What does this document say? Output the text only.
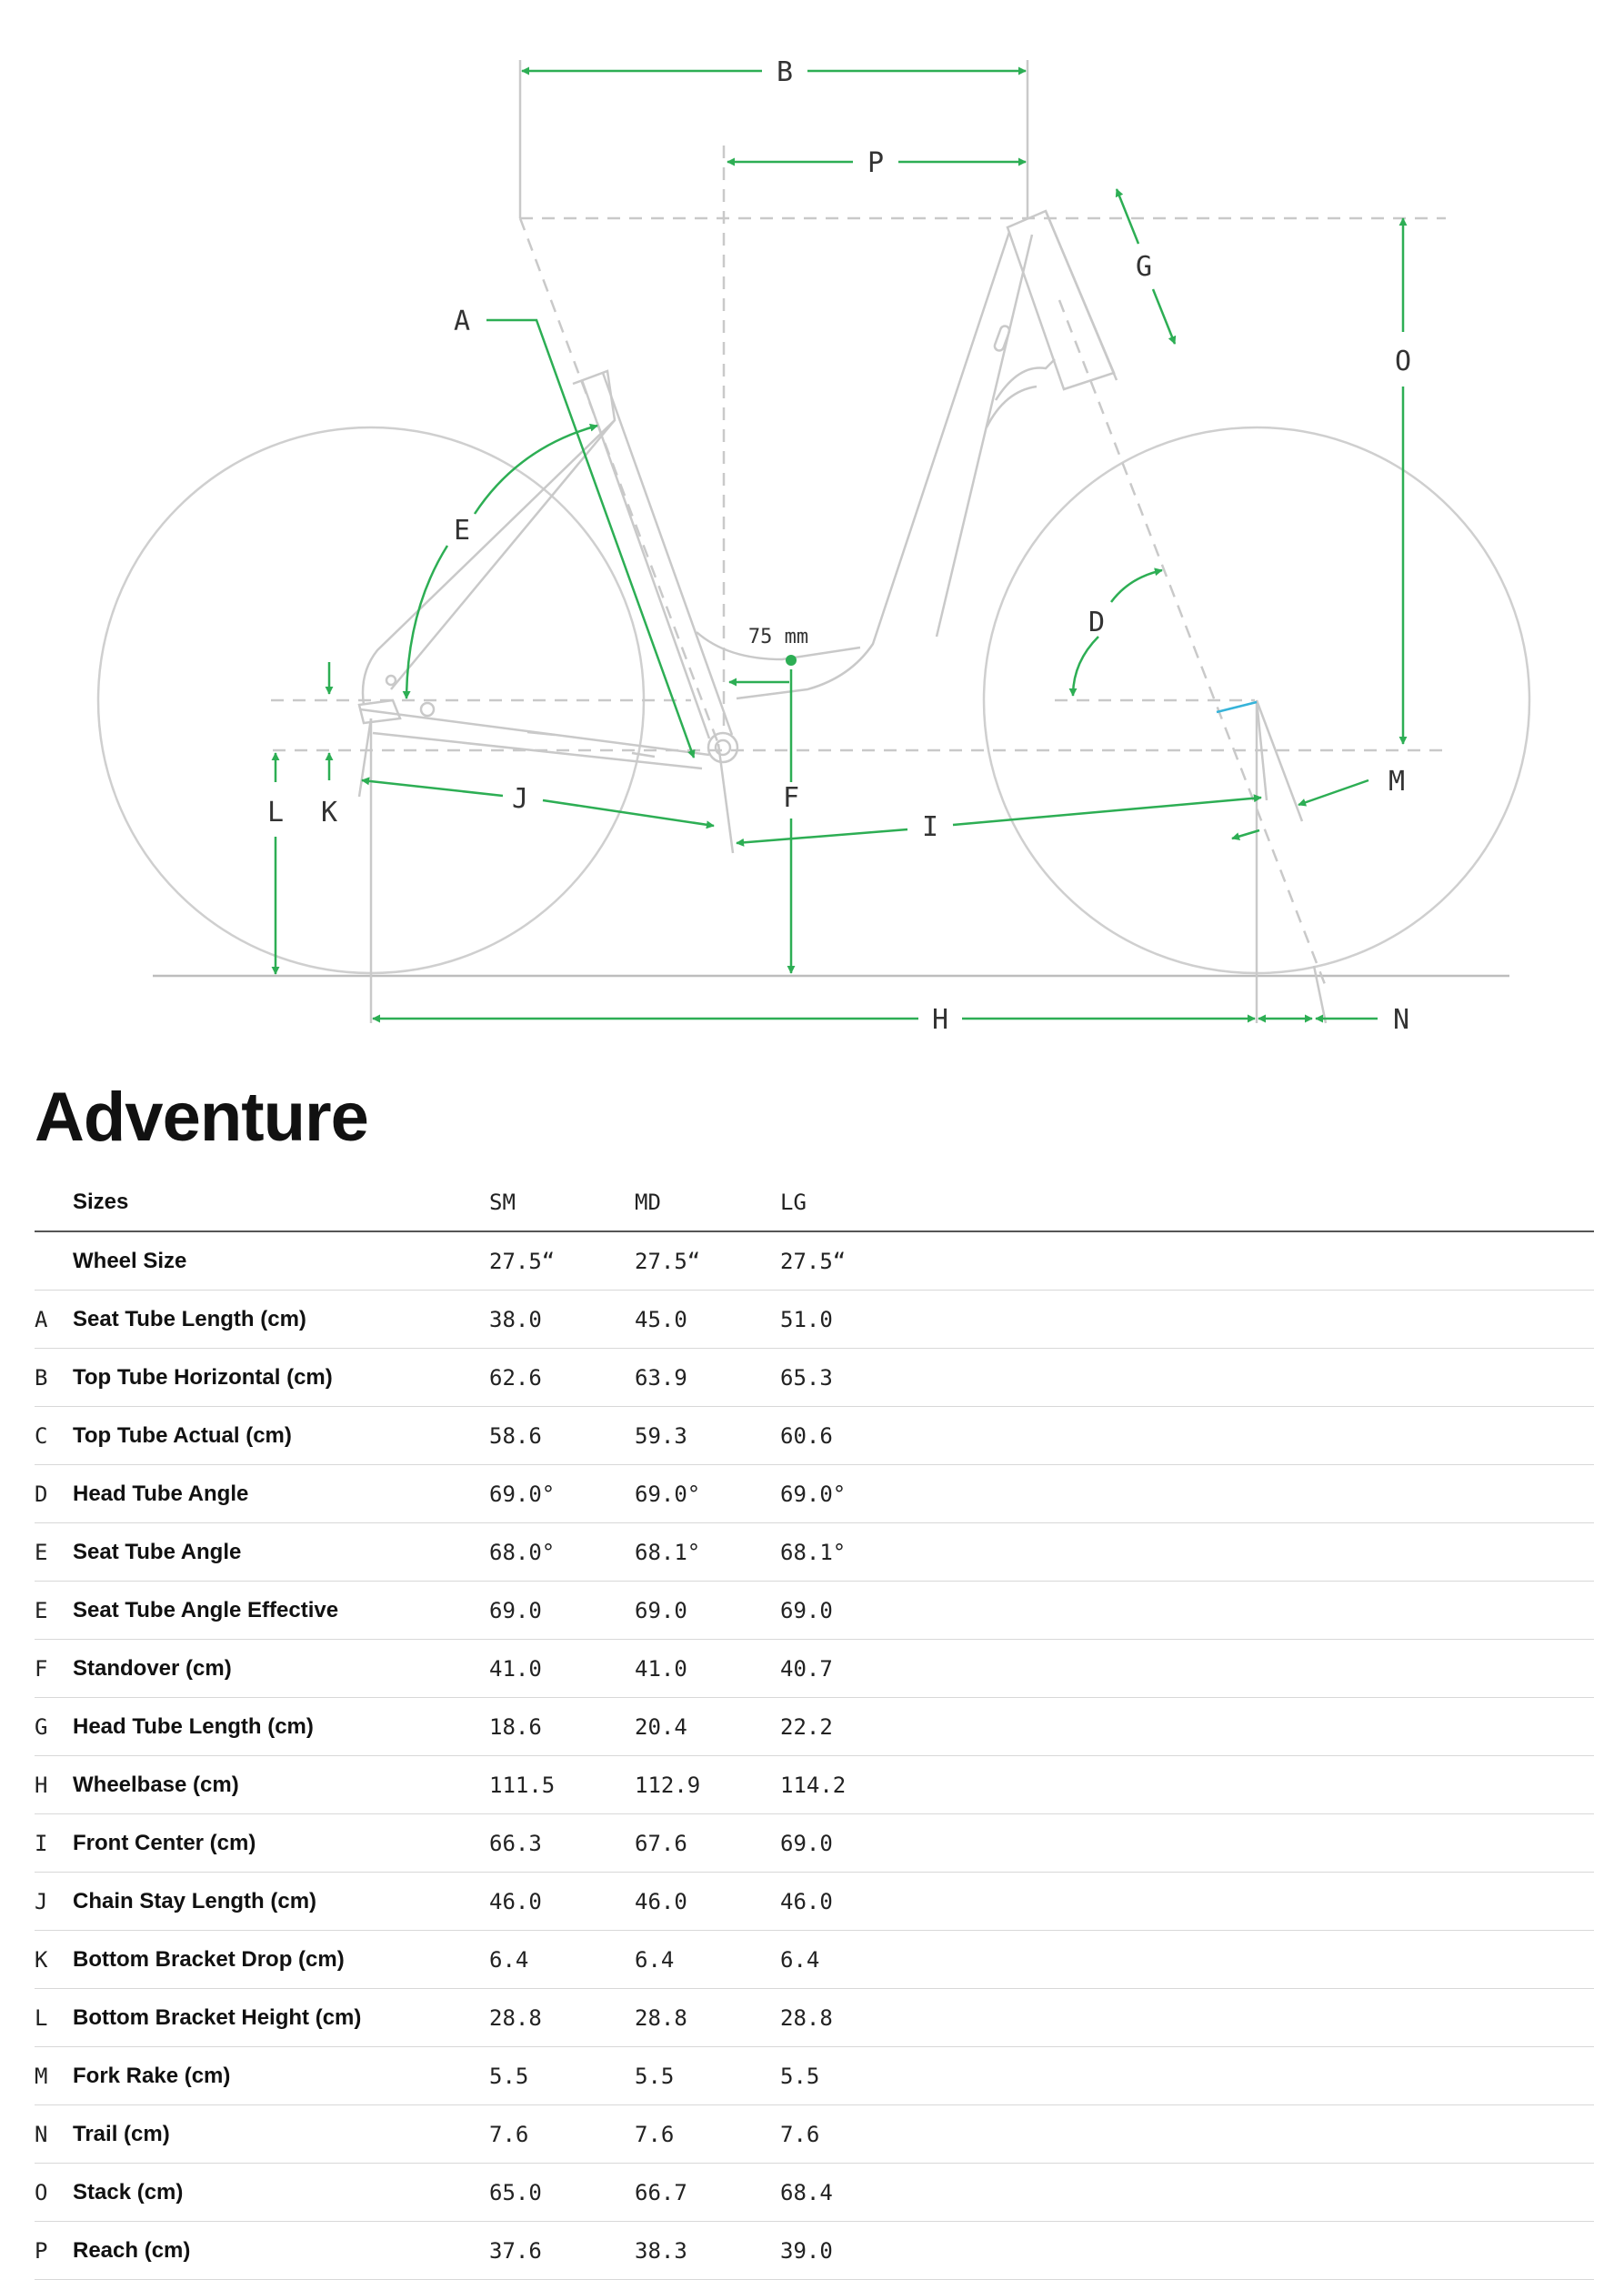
B
P
G
O
A
E
D
75 mm
F
J
I
M
L K
H	N
Adventure
	Sizes	SM	MD	LG	
	Wheel Size	27.5“	27.5“	27.5“	
A	Seat Tube Length (cm)	38.0	45.0	51.0	
B	Top Tube Horizontal (cm)	62.6	63.9	65.3	
C	Top Tube Actual (cm)	58.6	59.3	60.6	
D	Head Tube Angle	69.0°	69.0°	69.0°	
E	Seat Tube Angle	68.0°	68.1°	68.1°	
E	Seat Tube Angle Effective	69.0	69.0	69.0	
F	Standover (cm)	41.0	41.0	40.7	
G	Head Tube Length (cm)	18.6	20.4	22.2	
H	Wheelbase (cm)	111.5	112.9	114.2	
I	Front Center (cm)	66.3	67.6	69.0	
J	Chain Stay Length (cm)	46.0	46.0	46.0	
K	Bottom Bracket Drop (cm)	6.4	6.4	6.4	
L	Bottom Bracket Height (cm)	28.8	28.8	28.8	
M	Fork Rake (cm)	5.5	5.5	5.5	
N	Trail (cm)	7.6	7.6	7.6	
O	Stack (cm)	65.0	66.7	68.4	
P	Reach (cm)	37.6	38.3	39.0	
